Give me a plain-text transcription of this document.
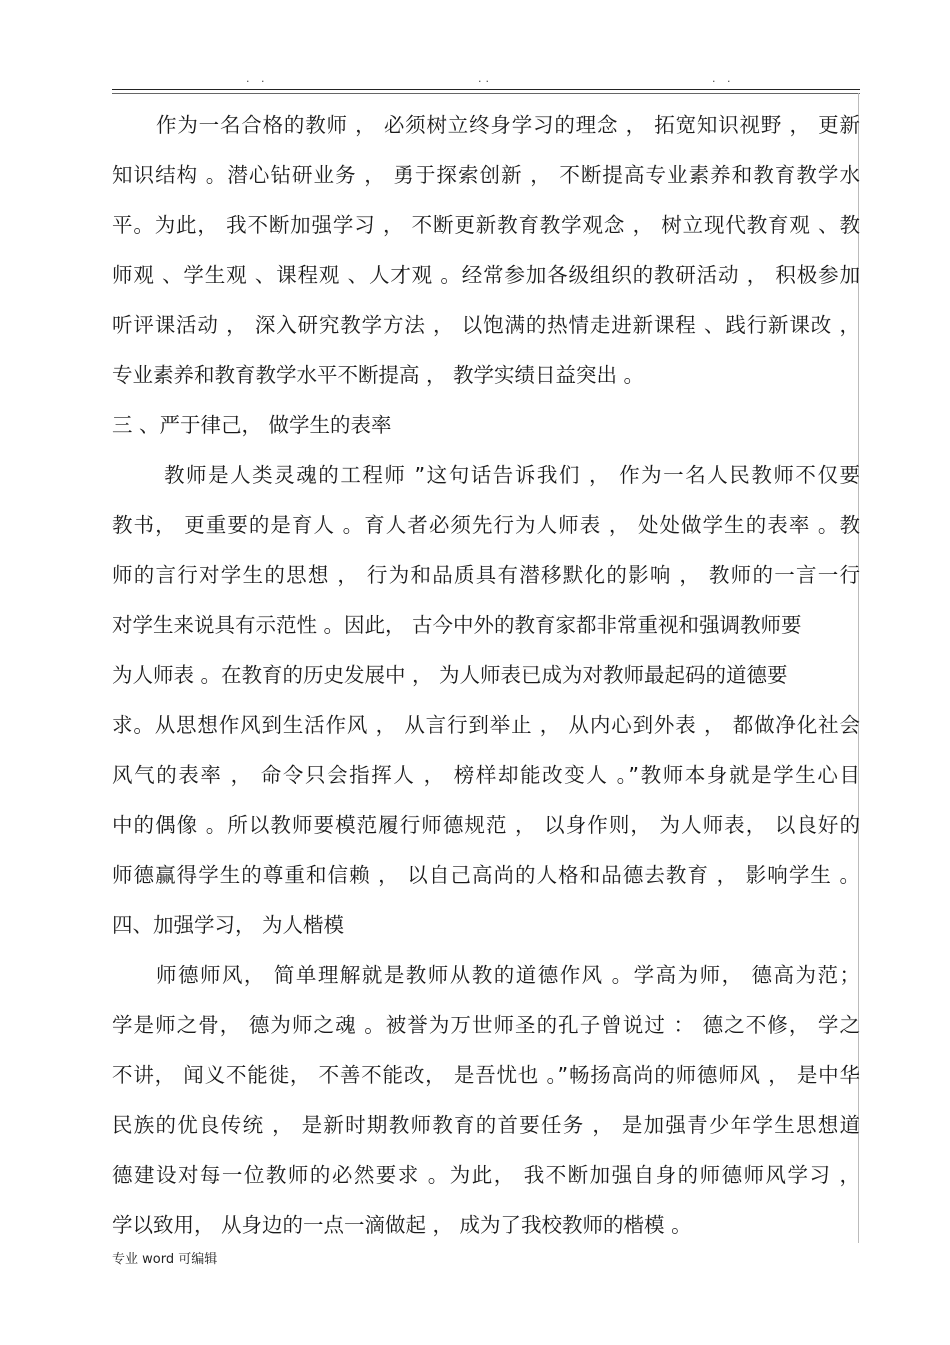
. .	..	. .
作为一名合格的教师 ， 必须树立终身学习的理念 ， 拓宽知识视野 ， 更新
知识结构 。潜心钻研业务 ， 勇于探索创新 ， 不断提高专业素养和教育教学水
平。为此， 我不断加强学习 ， 不断更新教育教学观念 ， 树立现代教育观 、教
师观 、学生观 、课程观 、人才观 。经常参加各级组织的教研活动 ， 积极参加
听评课活动 ， 深入研究教学方法 ， 以饱满的热情走进新课程 、践行新课改 ，
专业素养和教育教学水平不断提高 ， 教学实绩日益突出 。
三 、严于律己， 做学生的表率
教师是人类灵魂的工程师 ”这句话告诉我们 ， 作为一名人民教师不仅要
教书， 更重要的是育人 。育人者必须先行为人师表 ， 处处做学生的表率 。教
师的言行对学生的思想 ， 行为和品质具有潜移默化的影响 ， 教师的一言一行
对学生来说具有示范性 。因此， 古今中外的教育家都非常重视和强调教师要
为人师表 。在教育的历史发展中 ， 为人师表已成为对教师最起码的道德要
求。从思想作风到生活作风 ， 从言行到举止 ， 从内心到外表 ， 都做净化社会
风气的表率 ， 命令只会指挥人 ， 榜样却能改变人 。”教师本身就是学生心目
中的偶像 。所以教师要模范履行师德规范 ， 以身作则， 为人师表， 以良好的
师德赢得学生的尊重和信赖 ， 以自己高尚的人格和品德去教育 ， 影响学生 。
四、加强学习， 为人楷模
师德师风， 简单理解就是教师从教的道德作风 。学高为师， 德高为范；
学是师之骨， 德为师之魂 。被誉为万世师圣的孔子曾说过 ： 德之不修， 学之
不讲， 闻义不能徙， 不善不能改， 是吾忧也 。”畅扬高尚的师德师风 ， 是中华
民族的优良传统 ， 是新时期教师教育的首要任务 ， 是加强青少年学生思想道
德建设对每一位教师的必然要求 。为此， 我不断加强自身的师德师风学习 ，
学以致用， 从身边的一点一滴做起 ， 成为了我校教师的楷模 。
专业 word 可编辑
